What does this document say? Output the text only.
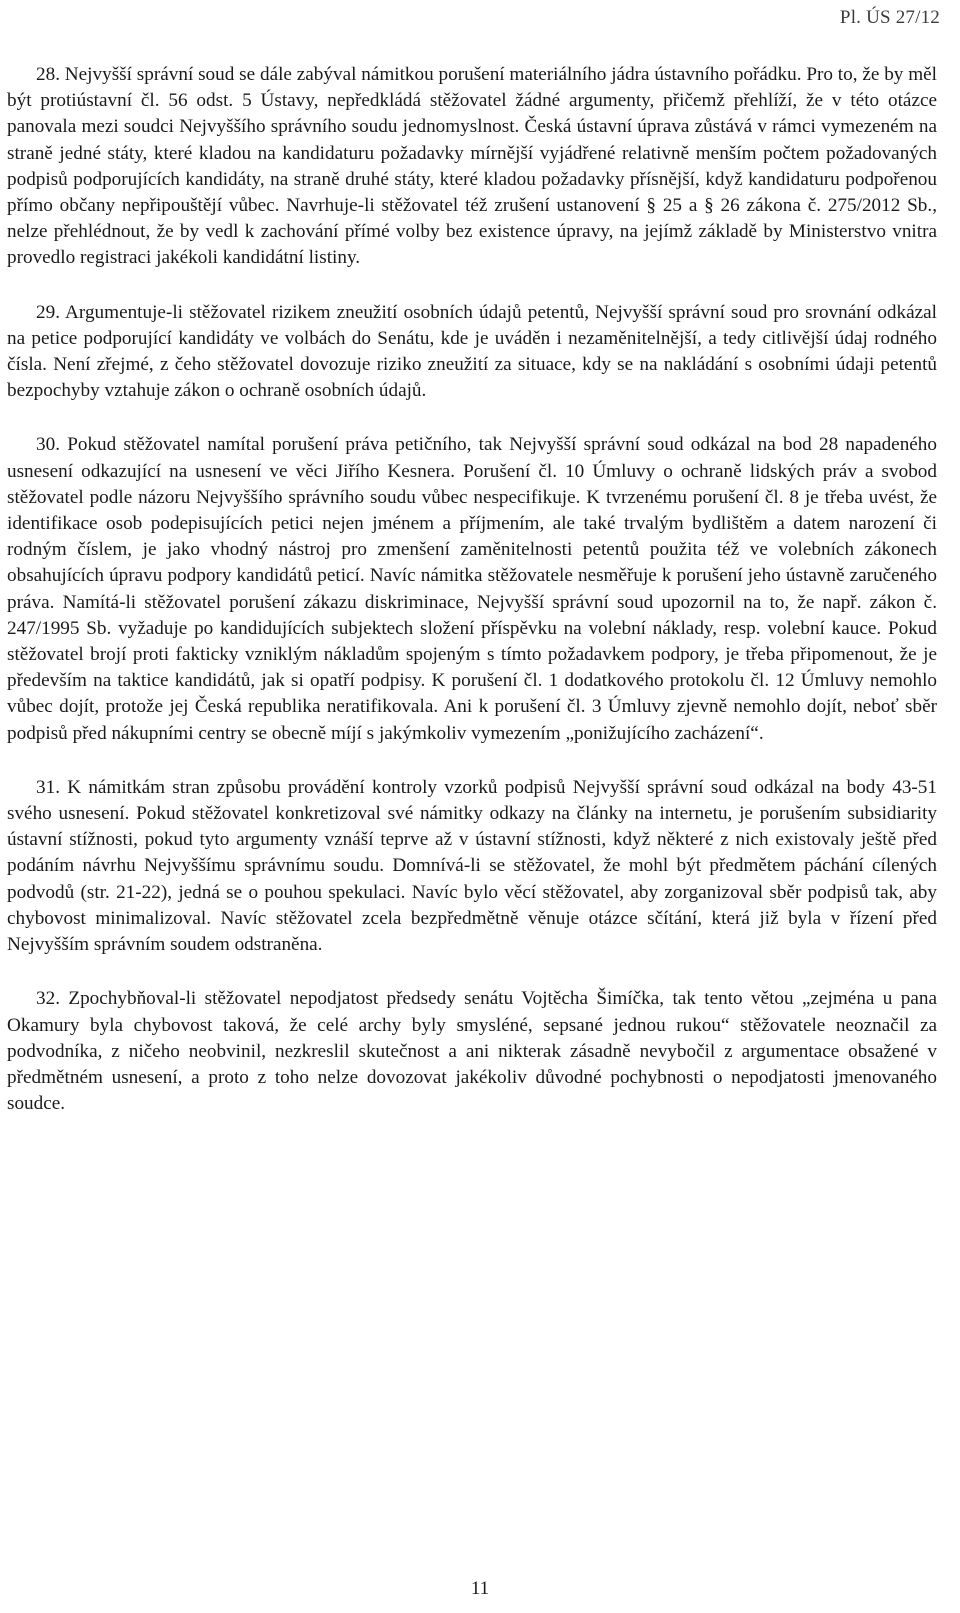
Pl. ÚS 27/12

28. Nejvyšší správní soud se dále zabýval námitkou porušení materiálního jádra ústavního pořádku. Pro to, že by měl být protiústavní čl. 56 odst. 5 Ústavy, nepředkládá stěžovatel žádné argumenty, přičemž přehlíží, že v této otázce panovala mezi soudci Nejvyššího správního soudu jednomyslnost. Česká ústavní úprava zůstává v rámci vymezeném na straně jedné státy, které kladou na kandidaturu požadavky mírnější vyjádřené relativně menším počtem požadovaných podpisů podporujících kandidáty, na straně druhé státy, které kladou požadavky přísnější, když kandidaturu podpořenou přímo občany nepřipouštějí vůbec. Navrhuje-li stěžovatel též zrušení ustanovení § 25 a § 26 zákona č. 275/2012 Sb., nelze přehlédnout, že by vedl k zachování přímé volby bez existence úpravy, na jejímž základě by Ministerstvo vnitra provedlo registraci jakékoli kandidátní listiny.

29. Argumentuje-li stěžovatel rizikem zneužití osobních údajů petentů, Nejvyšší správní soud pro srovnání odkázal na petice podporující kandidáty ve volbách do Senátu, kde je uváděn i nezaměnitelnější, a tedy citlivější údaj rodného čísla. Není zřejmé, z čeho stěžovatel dovozuje riziko zneužití za situace, kdy se na nakládání s osobními údaji petentů bezpochyby vztahuje zákon o ochraně osobních údajů.

30. Pokud stěžovatel namítal porušení práva petičního, tak Nejvyšší správní soud odkázal na bod 28 napadeného usnesení odkazující na usnesení ve věci Jiřího Kesnera. Porušení čl. 10 Úmluvy o ochraně lidských práv a svobod stěžovatel podle názoru Nejvyššího správního soudu vůbec nespecifikuje. K tvrzenému porušení čl. 8 je třeba uvést, že identifikace osob podepisujících petici nejen jménem a příjmením, ale také trvalým bydlištěm a datem narození či rodným číslem, je jako vhodný nástroj pro zmenšení zaměnitelnosti petentů použita též ve volebních zákonech obsahujících úpravu podpory kandidátů peticí. Navíc námitka stěžovatele nesměřuje k porušení jeho ústavně zaručeného práva. Namítá-li stěžovatel porušení zákazu diskriminace, Nejvyšší správní soud upozornil na to, že např. zákon č. 247/1995 Sb. vyžaduje po kandidujících subjektech složení příspěvku na volební náklady, resp. volební kauce. Pokud stěžovatel brojí proti fakticky vzniklým nákladům spojeným s tímto požadavkem podpory, je třeba připomenout, že je především na taktice kandidátů, jak si opatří podpisy. K porušení čl. 1 dodatkového protokolu čl. 12 Úmluvy nemohlo vůbec dojít, protože jej Česká republika neratifikovala. Ani k porušení čl. 3 Úmluvy zjevně nemohlo dojít, neboť sběr podpisů před nákupními centry se obecně míjí s jakýmkoliv vymezením „ponižujícího zacházení“.

31. K námitkám stran způsobu provádění kontroly vzorků podpisů Nejvyšší správní soud odkázal na body 43-51 svého usnesení. Pokud stěžovatel konkretizoval své námitky odkazy na články na internetu, je porušením subsidiarity ústavní stížnosti, pokud tyto argumenty vznáší teprve až v ústavní stížnosti, když některé z nich existovaly ještě před podáním návrhu Nejvyššímu správnímu soudu. Domnívá-li se stěžovatel, že mohl být předmětem páchání cílených podvodů (str. 21-22), jedná se o pouhou spekulaci. Navíc bylo věcí stěžovatel, aby zorganizoval sběr podpisů tak, aby chybovost minimalizoval. Navíc stěžovatel zcela bezpředmětně věnuje otázce sčítání, která již byla v řízení před Nejvyšším správním soudem odstraněna.

32. Zpochybňoval-li stěžovatel nepodjatost předsedy senátu Vojtěcha Šimíčka, tak tento větou „zejména u pana Okamury byla chybovost taková, že celé archy byly smysléné, sepsané jednou rukou“ stěžovatele neoznačil za podvodníka, z ničeho neobvinil, nezkreslil skutečnost a ani nikterak zásadně nevybočil z argumentace obsažené v předmětném usnesení, a proto z toho nelze dovozovat jakékoliv důvodné pochybnosti o nepodjatosti jmenovaného soudce.

11
